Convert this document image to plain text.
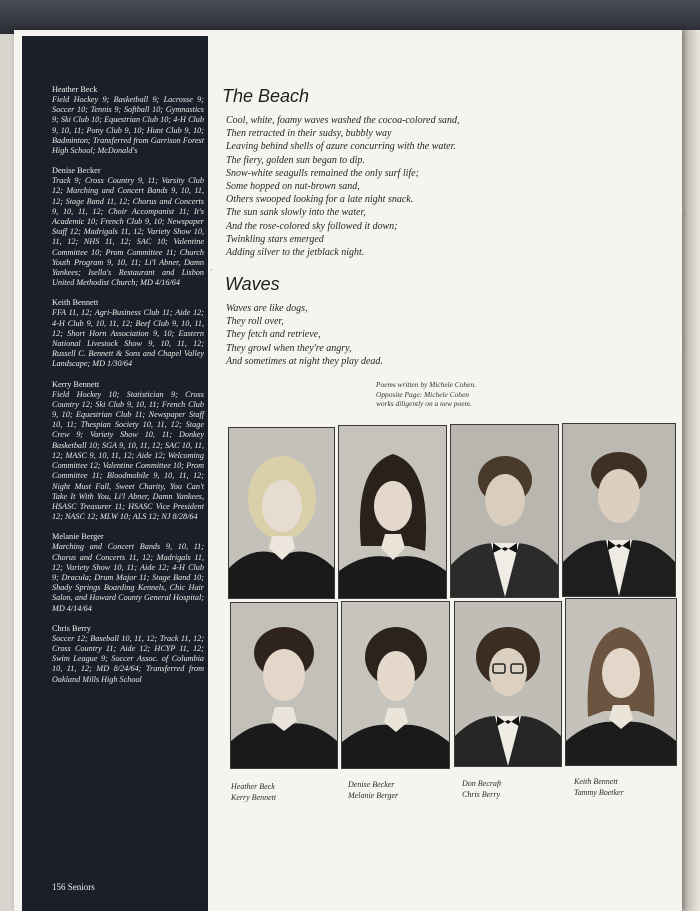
Heather Beck
Field Hockey 9; Basketball 9; Lacrosse 9; Soccer 10; Tennis 9; Softball 10; Gymnastics 9; Ski Club 10; Equestrian Club 10; 4-H Club 9, 10, 11; Pony Club 9, 10; Hunt Club 9, 10; Badminton; Transferred from Garrison Forest High School; McDonald's
Denise Becker
Track 9; Cross Country 9, 11; Varsity Club 12; Marching and Concert Bands 9, 10, 11, 12; Stage Band 11, 12; Chorus and Concerts 9, 10, 11, 12; Choir Accompanist 11; It's Academic 10; French Club 9, 10; Newspaper Staff 12; Madrigals 11, 12; Variety Show 10, 11, 12; NHS 11, 12; SAC 10; Valentine Committee 10; Prom Committee 11; Church Youth Program 9, 10, 11; Li'l Abner, Damn Yankees; Isella's Restaurant and Lisbon United Methodist Church; MD 4/16/64
Keith Bennett
FFA 11, 12; Agri-Business Club 11; Aide 12; 4-H Club 9, 10, 11, 12; Beef Club 9, 10, 11, 12; Short Horn Association 9, 10; Eastern National Livestock Show 9, 10, 11, 12; Russell C. Bennett & Sons and Chapel Valley Landscape; MD 1/30/64
Kerry Bennett
Field Hockey 10; Statistician 9; Cross Country 12; Ski Club 9, 10, 11; French Club 9, 10; Equestrian Club 11; Newspaper Staff 10, 11; Thespian Society 10, 11, 12; Stage Crew 9; Variety Show 10, 11; Donkey Basketball 10; SGA 9, 10, 11, 12; SAC 10, 11, 12; MASC 9, 10, 11, 12; Aide 12; Welcoming Committee 12; Valentine Committee 10; Prom Committee 11; Bloodmobile 9, 10, 11, 12; Night Must Fall, Sweet Charity, You Can't Take It With You, Li'l Abner, Damn Yankees, HSASC Treasurer 11; HSASC Vice President 12; NASC 12; MLW 10; ALS 12; NJ 8/28/64
Melanie Berger
Marching and Concert Bands 9, 10, 11; Chorus and Concerts 11, 12; Madrigals 11, 12; Variety Show 10, 11; Aide 12; 4-H Club 9; Dracula; Drum Major 11; Stage Band 10; Shady Springs Boarding Kennels, Chic Hair Salon, and Howard County General Hospital; MD 4/14/64
Chris Berry
Soccer 12; Baseball 10, 11, 12; Track 11, 12; Cross Country 11; Aide 12; HCYP 11, 12; Swim League 9; Soccer Assoc. of Columbia 10, 11, 12; MD 8/24/64; Transferred from Oakland Mills High School
156 Seniors
The Beach
Cool, white, foamy waves washed the cocoa-colored sand,
Then retracted in their sudsy, bubbly way
Leaving behind shells of azure concurring with the water.
The fiery, golden sun began to dip.
Snow-white seagulls remained the only surf life;
Some hopped on nut-brown sand,
Others swooped looking for a late night snack.
The sun sank slowly into the water,
And the rose-colored sky followed it down;
Twinkling stars emerged
Adding silver to the jetblack night.
Waves
Waves are like dogs,
They roll over,
They fetch and retrieve,
They growl when they're angry,
And sometimes at night they play dead.
Poems written by Michele Cohen.
Opposite Page: Michele Cohen
works diligently on a new poem.
·
·
·
Heather Beck
Kerry Bennett
Denise Becker
Melanie Berger
Don Becraft
Chris Berry
Keith Bennett
Tammy Boetker
